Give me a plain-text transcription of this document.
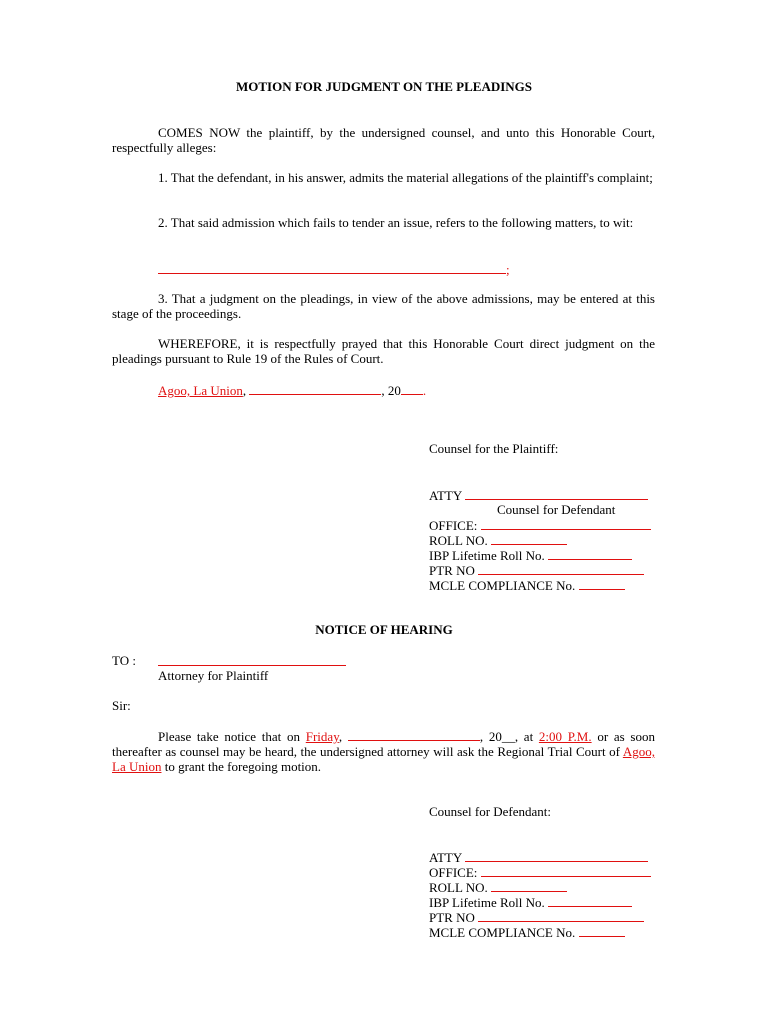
MOTION FOR JUDGMENT ON THE PLEADINGS

COMES NOW the plaintiff, by the undersigned counsel, and unto this Honorable Court, respectfully alleges:

1. That the defendant, in his answer, admits the material allegations of the plaintiff's complaint;

2. That said admission which fails to tender an issue, refers to the following matters, to wit:

;

3. That a judgment on the pleadings, in view of the above admissions, may be entered at this stage of the proceedings.

WHEREFORE, it is respectfully prayed that this Honorable Court direct judgment on the pleadings pursuant to Rule 19 of the Rules of Court.

Agoo, La Union,	, 20 .
Counsel for the Plaintiff:
ATTY
Counsel for Defendant
OFFICE:
ROLL NO.
IBP Lifetime Roll No.
PTR NO
MCLE COMPLIANCE No.
NOTICE OF HEARING
TO :
Attorney for Plaintiff
Sir:

Please take notice that on Friday,	, 20__, at 2:00 P.M. or as soon thereafter as counsel may be heard, the undersigned attorney will ask the Regional Trial Court of Agoo, La Union to grant the foregoing motion.

Counsel for Defendant:
ATTY
OFFICE:
ROLL NO.
IBP Lifetime Roll No.
PTR NO
MCLE COMPLIANCE No.
